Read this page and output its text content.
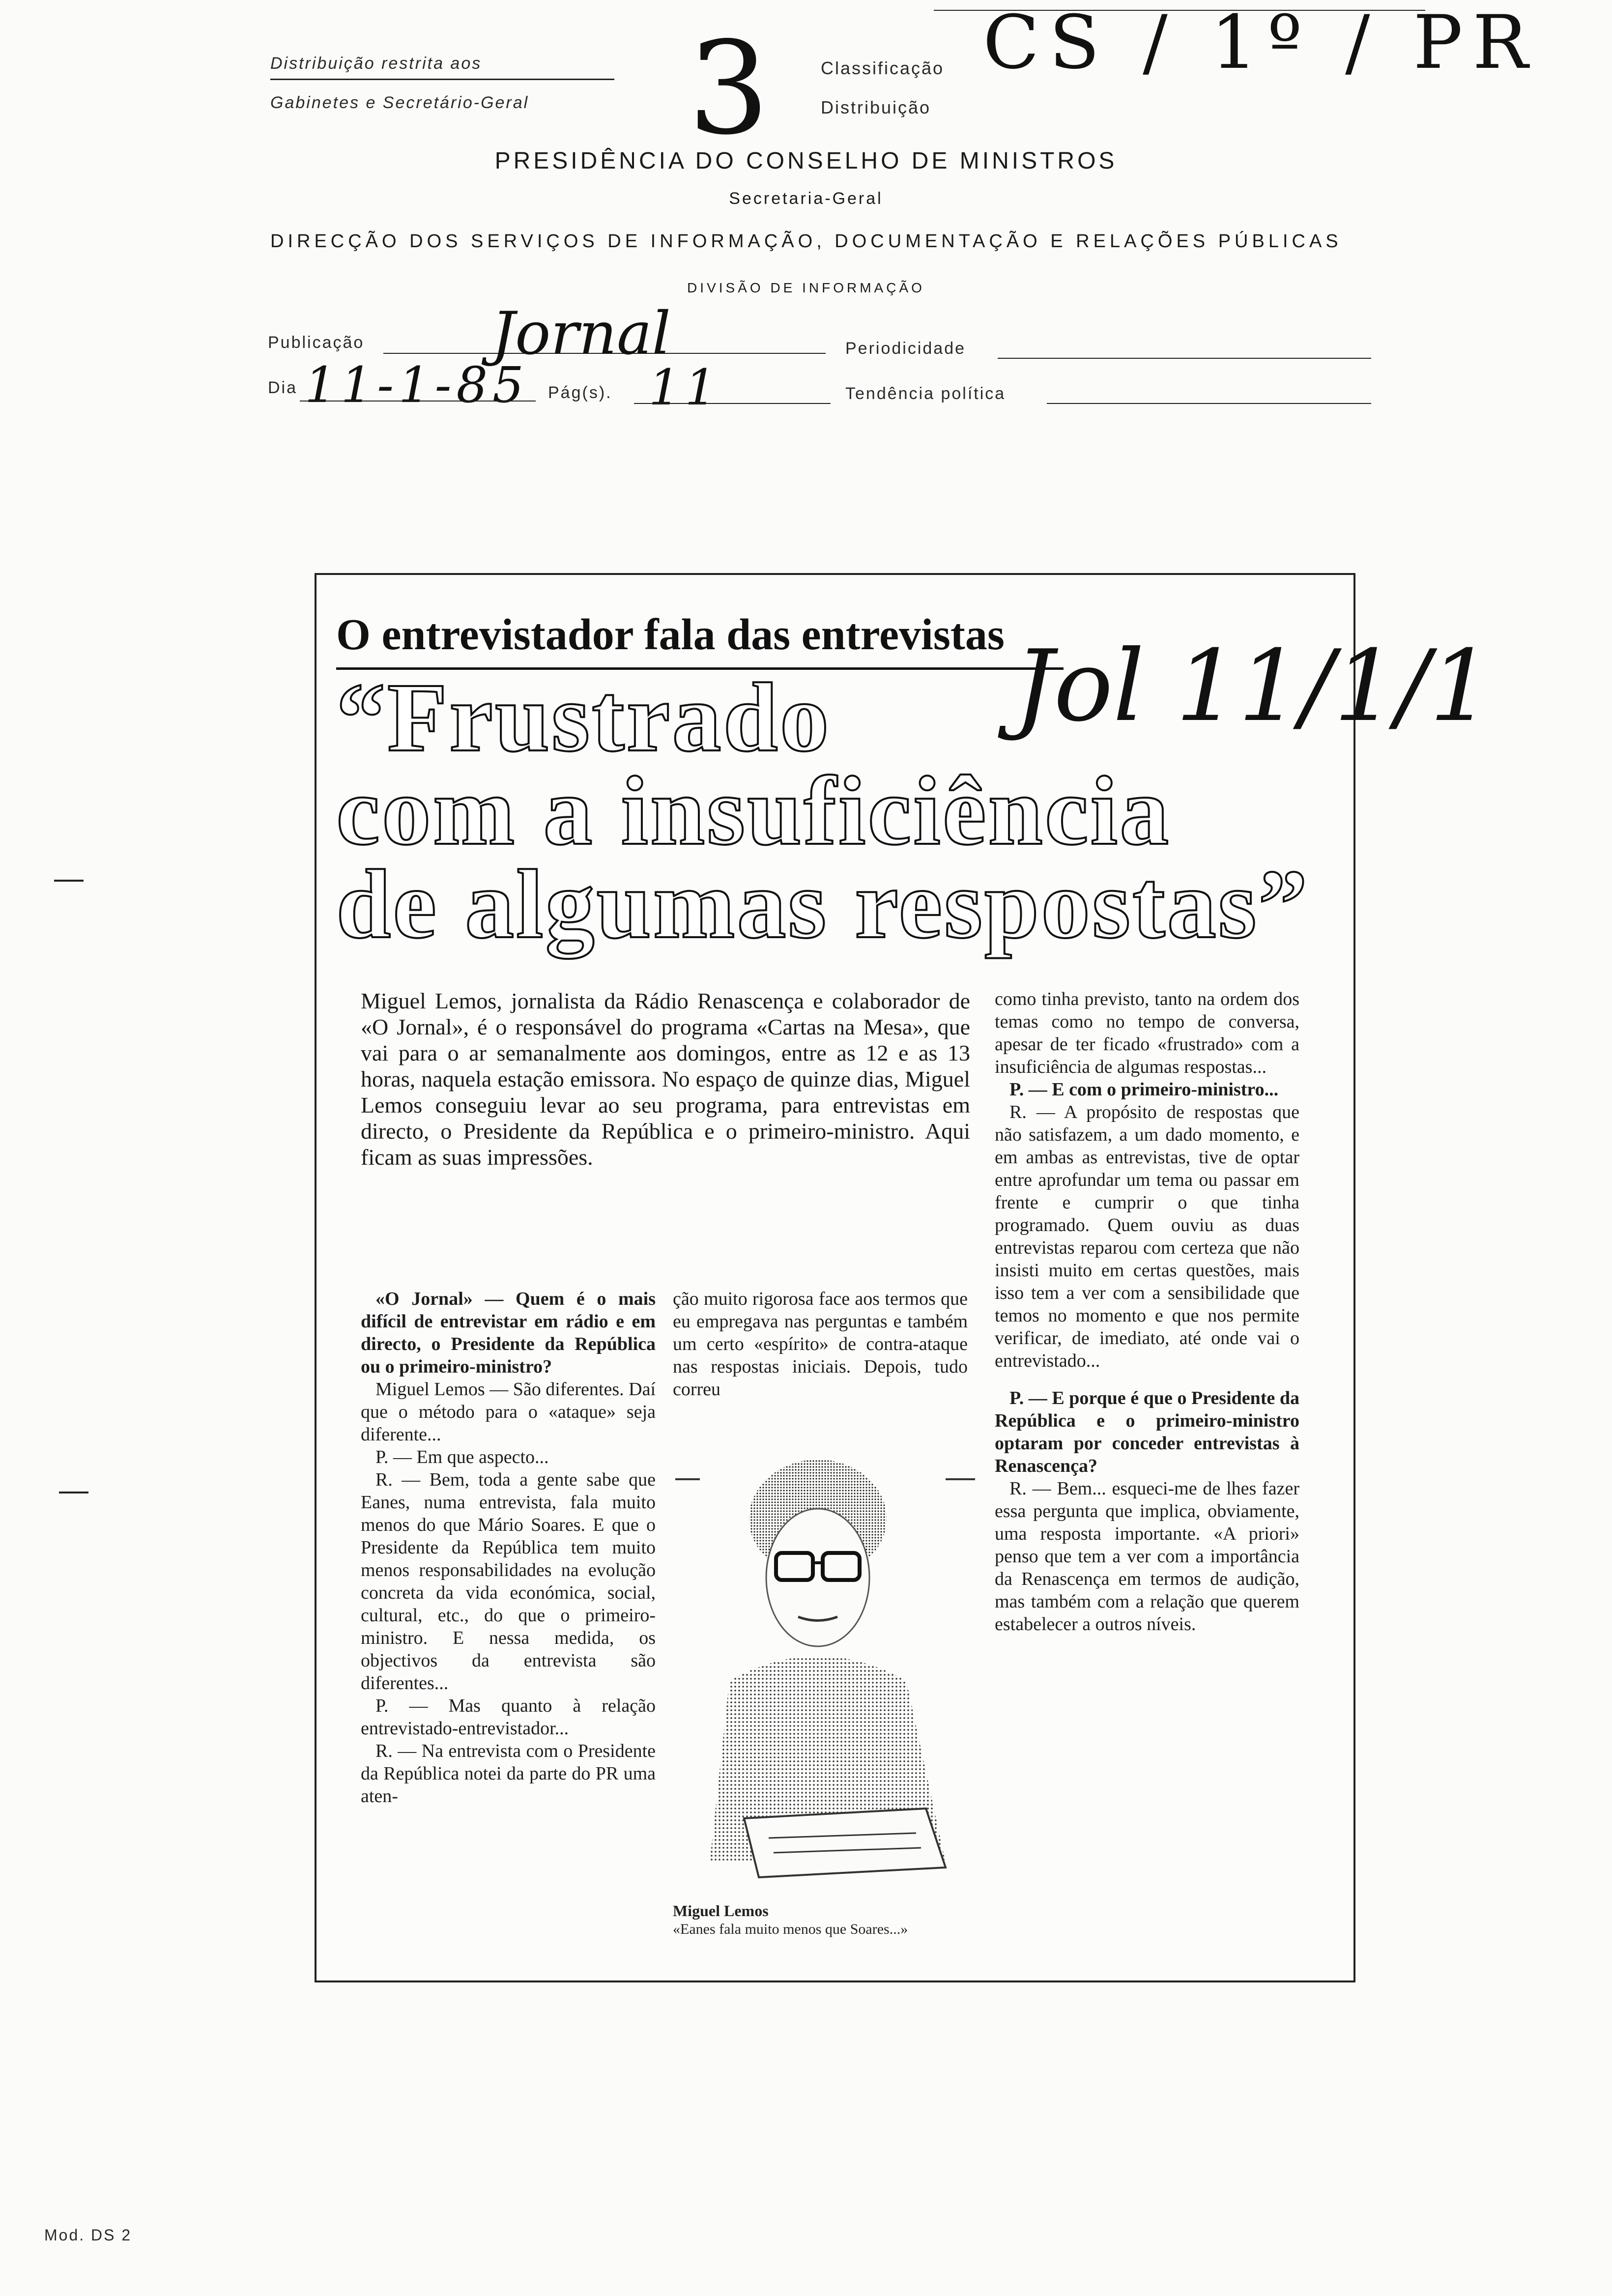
Distribuição restrita aos
Gabinetes e Secretário-Geral 3	Classificação
Distribuição
CS / 1º / PR
PRESIDÊNCIA DO CONSELHO DE MINISTROS
Secretaria-Geral
DIRECÇÃO DOS SERVIÇOS DE INFORMAÇÃO, DOCUMENTAÇÃO E RELAÇÕES PÚBLICAS
DIVISÃO DE INFORMAÇÃO
Publicação Jornal	Periodicidade
Dia 11-1-85 Pág(s). 11	Tendência política
O entrevistador fala das entrevistas Jol 11/1/1
“Frustrado
com a insuficiência
de algumas respostas”
Miguel Lemos, jornalista da Rádio Renascença e colaborador de «O Jornal», é o responsável do programa «Cartas na Mesa», que vai para o ar semanalmente aos domingos, entre as 12 e as 13 horas, naquela estação emissora. No espaço de quinze dias, Miguel Lemos conseguiu levar ao seu programa, para entrevistas em directo, o Presidente da República e o primeiro-ministro. Aqui ficam as suas impressões.

«O Jornal» — Quem é o mais difícil de entrevistar em rádio e em directo, o Presidente da República ou o primeiro-ministro?

Miguel Lemos — São diferentes. Daí que o método para o «ataque» seja diferente...

P. — Em que aspecto...

R. — Bem, toda a gente sabe que Eanes, numa entrevista, fala muito menos do que Mário Soares. E que o Presidente da República tem muito menos responsabilidades na evolução concreta da vida económica, social, cultural, etc., do que o primeiro-ministro. E nessa medida, os objectivos da entrevista são diferentes...

P. — Mas quanto à relação entrevistado-entrevistador...

R. — Na entrevista com o Presidente da República notei da parte do PR uma aten-

ção muito rigorosa face aos termos que eu empregava nas perguntas e também um certo «espírito» de contra-ataque nas respostas iniciais. Depois, tudo correu

Miguel Lemos
«Eanes fala muito menos que Soares...»

como tinha previsto, tanto na ordem dos temas como no tempo de conversa, apesar de ter ficado «frustrado» com a insuficiência de algumas respostas...

P. — E com o primeiro-ministro...

R. — A propósito de respostas que não satisfazem, a um dado momento, e em ambas as entrevistas, tive de optar entre aprofundar um tema ou passar em frente e cumprir o que tinha programado. Quem ouviu as duas entrevistas reparou com certeza que não insisti muito em certas questões, mais isso tem a ver com a sensibilidade que temos no momento e que nos permite verificar, de imediato, até onde vai o entrevistado...

P. — E porque é que o Presidente da República e o primeiro-ministro optaram por conceder entrevistas à Renascença?

R. — Bem... esqueci-me de lhes fazer essa pergunta que implica, obviamente, uma resposta importante. «A priori» penso que tem a ver com a importância da Renascença em termos de audição, mas também com a relação que querem estabelecer a outros níveis.

Mod. DS 2
